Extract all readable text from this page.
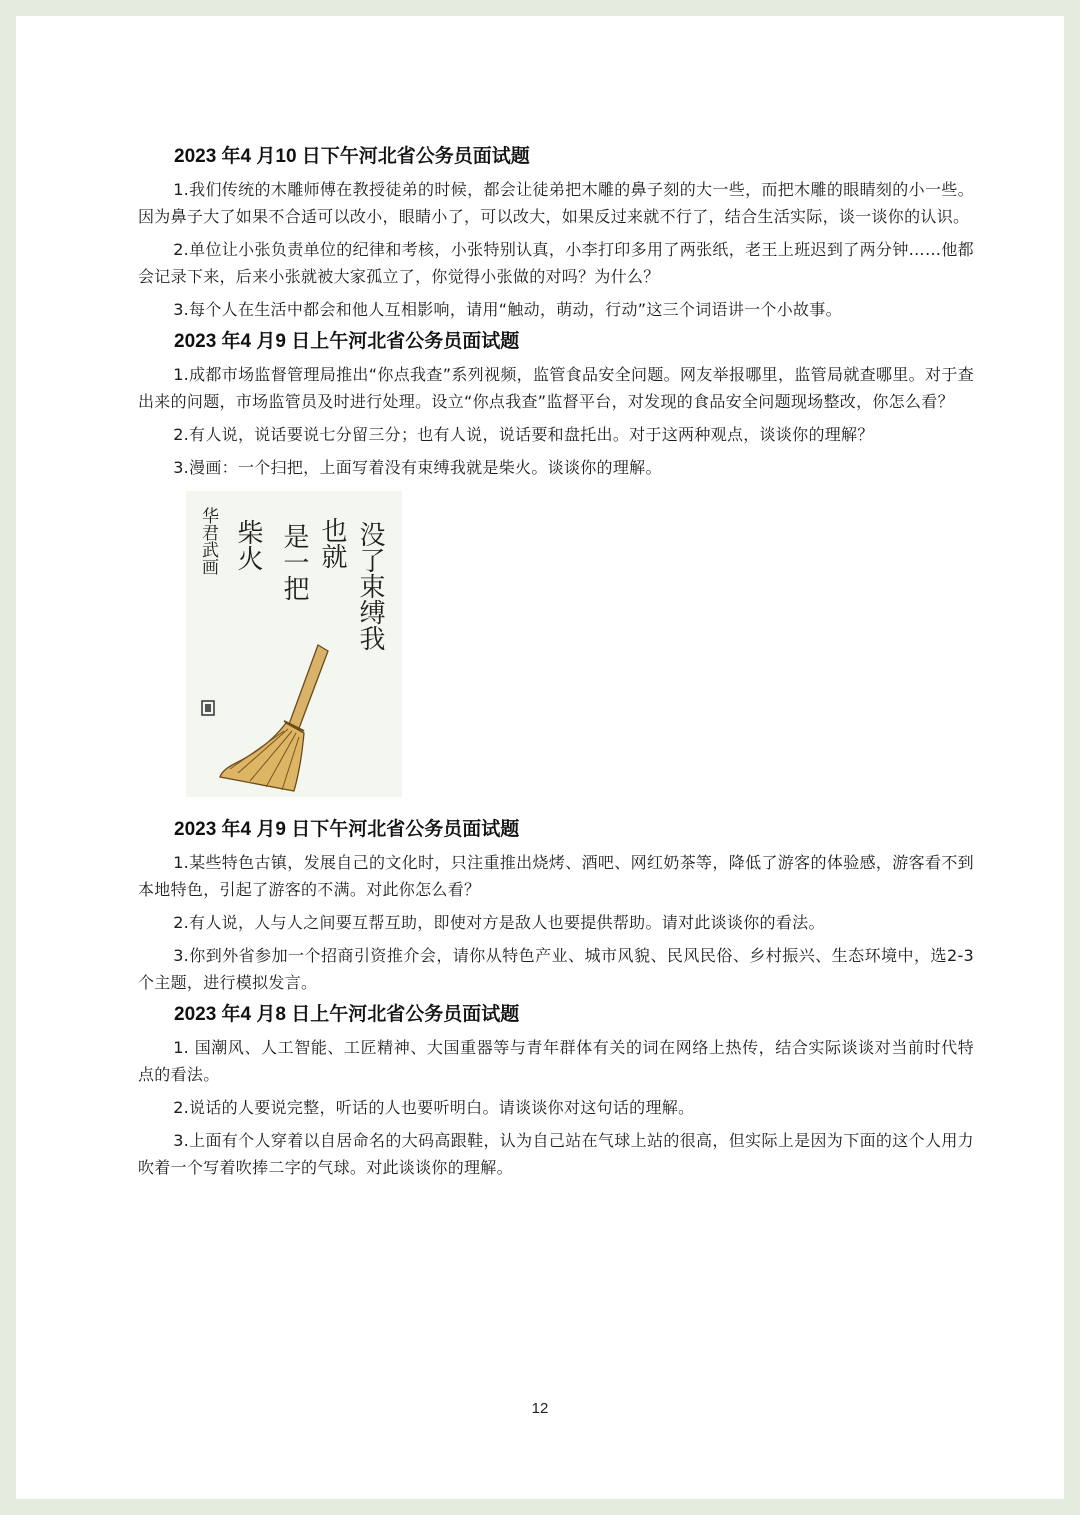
2023 年4 月10 日下午河北省公务员面试题

1.我们传统的木雕师傅在教授徒弟的时候，都会让徒弟把木雕的鼻子刻的大一些，而把木雕的眼睛刻的小一些。因为鼻子大了如果不合适可以改小，眼睛小了，可以改大，如果反过来就不行了，结合生活实际，谈一谈你的认识。

2.单位让小张负责单位的纪律和考核，小张特别认真，小李打印多用了两张纸，老王上班迟到了两分钟……他都会记录下来，后来小张就被大家孤立了，你觉得小张做的对吗？为什么？

3.每个人在生活中都会和他人互相影响，请用“触动，萌动，行动”这三个词语讲一个小故事。

2023 年4 月9 日上午河北省公务员面试题

1.成都市场监督管理局推出“你点我查”系列视频，监管食品安全问题。网友举报哪里，监管局就查哪里。对于查出来的问题，市场监管员及时进行处理。设立“你点我查”监督平台，对发现的食品安全问题现场整改，你怎么看？

2.有人说，说话要说七分留三分；也有人说，说话要和盘托出。对于这两种观点，谈谈你的理解？

3.漫画：一个扫把，上面写着没有束缚我就是柴火。谈谈你的理解。

没了束缚我
也就
是一把
柴火
华君武画
2023 年4 月9 日下午河北省公务员面试题

1.某些特色古镇，发展自己的文化时，只注重推出烧烤、酒吧、网红奶茶等，降低了游客的体验感，游客看不到本地特色，引起了游客的不满。对此你怎么看？

2.有人说，人与人之间要互帮互助，即使对方是敌人也要提供帮助。请对此谈谈你的看法。

3.你到外省参加一个招商引资推介会，请你从特色产业、城市风貌、民风民俗、乡村振兴、生态环境中，选2-3 个主题，进行模拟发言。

2023 年4 月8 日上午河北省公务员面试题

1. 国潮风、人工智能、工匠精神、大国重器等与青年群体有关的词在网络上热传，结合实际谈谈对当前时代特点的看法。

2.说话的人要说完整，听话的人也要听明白。请谈谈你对这句话的理解。

3.上面有个人穿着以自居命名的大码高跟鞋，认为自己站在气球上站的很高，但实际上是因为下面的这个人用力吹着一个写着吹捧二字的气球。对此谈谈你的理解。

12
